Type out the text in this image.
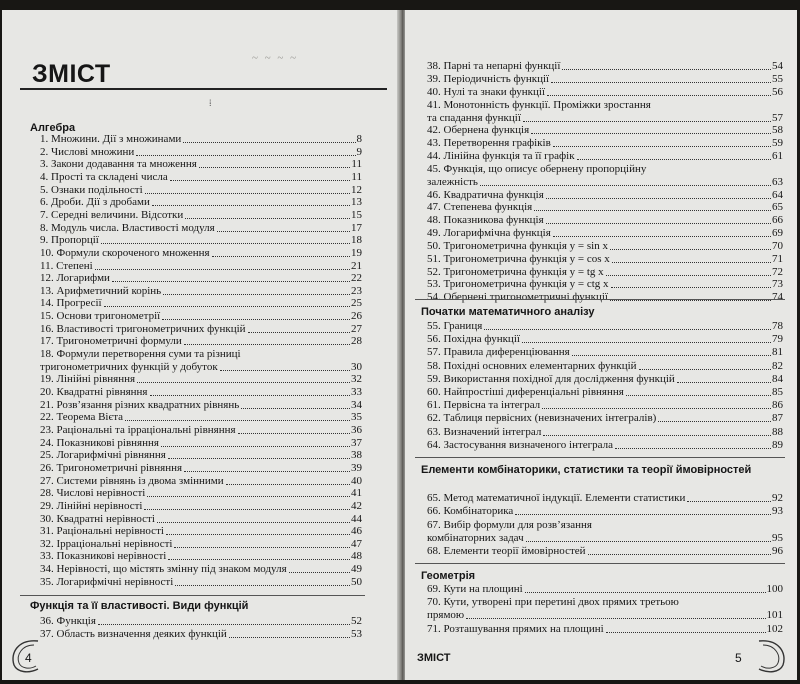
~ ~ ~ ~
ЗМІСТ
⁞
Алгебра
1. Множини. Дії з множинами	8
2. Числові множини	9
3. Закони додавання та множення	11
4. Прості та складені числа	11
5. Ознаки подільності	12
6. Дроби. Дії з дробами	13
7. Середні величини. Відсотки	15
8. Модуль числа. Властивості модуля	17
9. Пропорції	18
10. Формули скороченого множення	19
11. Степені	21
12. Логарифми	22
13. Арифметичний корінь	23
14. Прогресії	25
15. Основи тригонометрії	26
16. Властивості тригонометричних функцій	27
17. Тригонометричні формули	28
18. Формули перетворення суми та різниці
тригонометричних функцій у добуток	30
19. Лінійні рівняння	32
20. Квадратні рівняння	33
21. Розв’язання різних квадратних рівнянь	34
22. Теорема Вієта	35
23. Раціональні та ірраціональні рівняння	36
24. Показникові рівняння	37
25. Логарифмічні рівняння	38
26. Тригонометричні рівняння	39
27. Системи рівнянь із двома змінними	40
28. Числові нерівності	41
29. Лінійні нерівності	42
30. Квадратні нерівності	44
31. Раціональні нерівності	46
32. Ірраціональні нерівності	47
33. Показникові нерівності	48
34. Нерівності, що містять змінну під знаком модуля	49
35. Логарифмічні нерівності	50
Функція та її властивості. Види функцій
36. Функція	52
37. Область визначення деяких функцій	53
4
38. Парні та непарні функції	54
39. Періодичність функції	55
40. Нулі та знаки функції	56
41. Монотонність функції. Проміжки зростання
та спадання функції	57
42. Обернена функція	58
43. Перетворення графіків	59
44. Лінійна функція та її графік	61
45. Функція, що описує обернену пропорційну
залежність	63
46. Квадратична функція	64
47. Степенева функція	65
48. Показникова функція	66
49. Логарифмічна функція	69
50. Тригонометрична функція y = sin x	70
51. Тригонометрична функція y = cos x	71
52. Тригонометрична функція y = tg x	72
53. Тригонометрична функція y = ctg x	73
54. Обернені тригонометричні функції	74
Початки математичного аналізу
55. Границя	78
56. Похідна функції	79
57. Правила диференціювання	81
58. Похідні основних елементарних функцій	82
59. Використання похідної для дослідження функцій	84
60. Найпростіші диференціальні рівняння	85
61. Первісна та інтеграл	86
62. Таблиця первісних (невизначених інтегралів)	87
63. Визначений інтеграл	88
64. Застосування визначеного інтеграла	89
Елементи комбінаторики, статистики та теорії ймовірностей
65. Метод математичної індукції. Елементи статистики	92
66. Комбінаторика	93
67. Вибір формули для розв’язання
комбінаторних задач	95
68. Елементи теорії ймовірностей	96
Геометрія
69. Кути на площині	100
70. Кути, утворені при перетині двох прямих третьою
прямою	101
71. Розташування прямих на площині	102
ЗМІСТ	5
